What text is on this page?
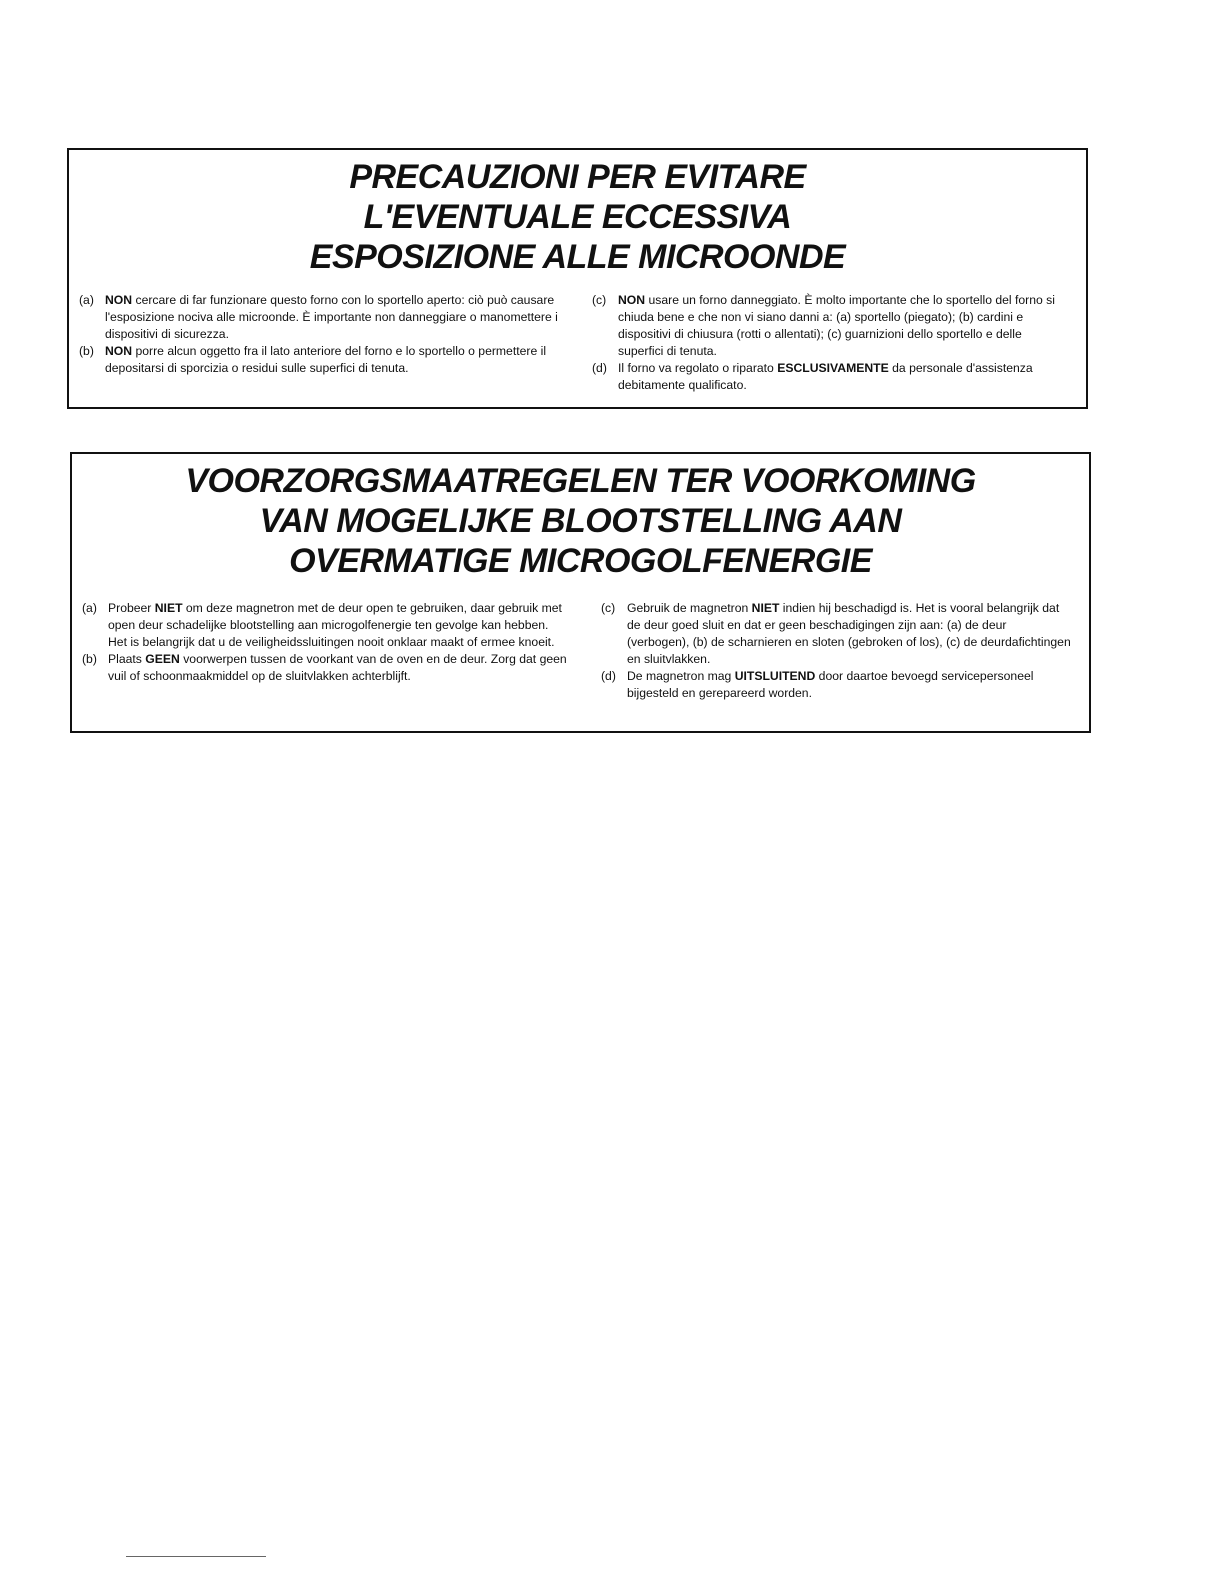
PRECAUZIONI PER EVITARE
L'EVENTUALE ECCESSIVA
ESPOSIZIONE ALLE MICROONDE

(a) NON cercare di far funzionare questo forno con lo sportello aperto: ciò può causare l'esposizione nociva alle microonde. È importante non danneggiare o manomettere i dispositivi di sicurezza.

(b) NON porre alcun oggetto fra il lato anteriore del forno e lo sportello o permettere il depositarsi di sporcizia o residui sulle superfici di tenuta.

(c) NON usare un forno danneggiato. È molto importante che lo sportello del forno si chiuda bene e che non vi siano danni a: (a) sportello (piegato); (b) cardini e dispositivi di chiusura (rotti o allentati); (c) guarnizioni dello sportello e delle superfici di tenuta.

(d) Il forno va regolato o riparato ESCLUSIVAMENTE da personale d'assistenza debitamente qualificato.

VOORZORGSMAATREGELEN TER VOORKOMING
VAN MOGELIJKE BLOOTSTELLING AAN
OVERMATIGE MICROGOLFENERGIE

(a) Probeer NIET om deze magnetron met de deur open te gebruiken, daar gebruik met open deur schadelijke blootstelling aan microgolfenergie ten gevolge kan hebben. Het is belangrijk dat u de veiligheidssluitingen nooit onklaar maakt of ermee knoeit.

(b) Plaats GEEN voorwerpen tussen de voorkant van de oven en de deur. Zorg dat geen vuil of schoonmaakmiddel op de sluitvlakken achterblijft.

(c) Gebruik de magnetron NIET indien hij beschadigd is. Het is vooral belangrijk dat de deur goed sluit en dat er geen beschadigingen zijn aan: (a) de deur (verbogen), (b) de scharnieren en sloten (gebroken of los), (c) de deurdafichtingen en sluitvlakken.

(d) De magnetron mag UITSLUITEND door daartoe bevoegd servicepersoneel bijgesteld en gerepareerd worden.
